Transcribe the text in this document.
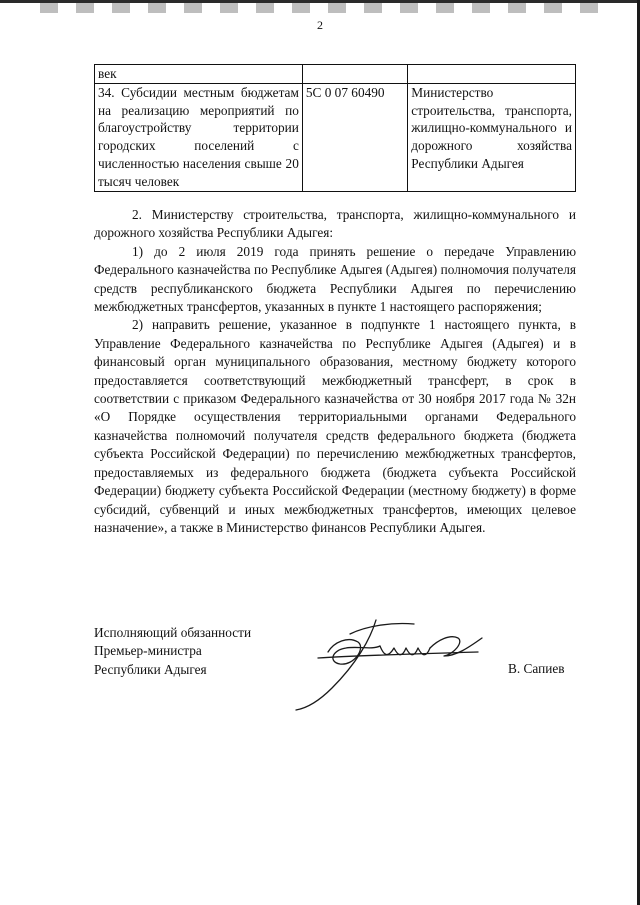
2
век		
34. Субсидии местным бюджетам на реализацию мероприятий по благоустройству территории городских поселений с численностью населения свыше 20 тысяч человек	5С 0 07 60490	Министерство строительства, транспорта, жилищно-коммунального и дорожного хозяйства Республики Адыгея

2. Министерству строительства, транспорта, жилищно-коммунального и дорожного хозяйства Республики Адыгея:

1) до 2 июля 2019 года принять решение о передаче Управлению Федерального казначейства по Республике Адыгея (Адыгея) полномочия получателя средств республиканского бюджета Республики Адыгея по перечислению межбюджетных трансфертов, указанных в пункте 1 настоящего распоряжения;

2) направить решение, указанное в подпункте 1 настоящего пункта, в Управление Федерального казначейства по Республике Адыгея (Адыгея) и в финансовый орган муниципального образования, местному бюджету которого предоставляется соответствующий межбюджетный трансферт, в срок в соответствии с приказом Федерального казначейства от 30 ноября 2017 года № 32н «О Порядке осуществления территориальными органами Федерального казначейства полномочий получателя средств федерального бюджета (бюджета субъекта Российской Федерации) по перечислению межбюджетных трансфертов, предоставляемых из федерального бюджета (бюджета субъекта Российской Федерации) бюджету субъекта Российской Федерации (местному бюджету) в форме субсидий, субвенций и иных межбюджетных трансфертов, имеющих целевое назначение», а также в Министерство финансов Республики Адыгея.

Исполняющий обязанности
Премьер-министра
Республики Адыгея	В. Сапиев
